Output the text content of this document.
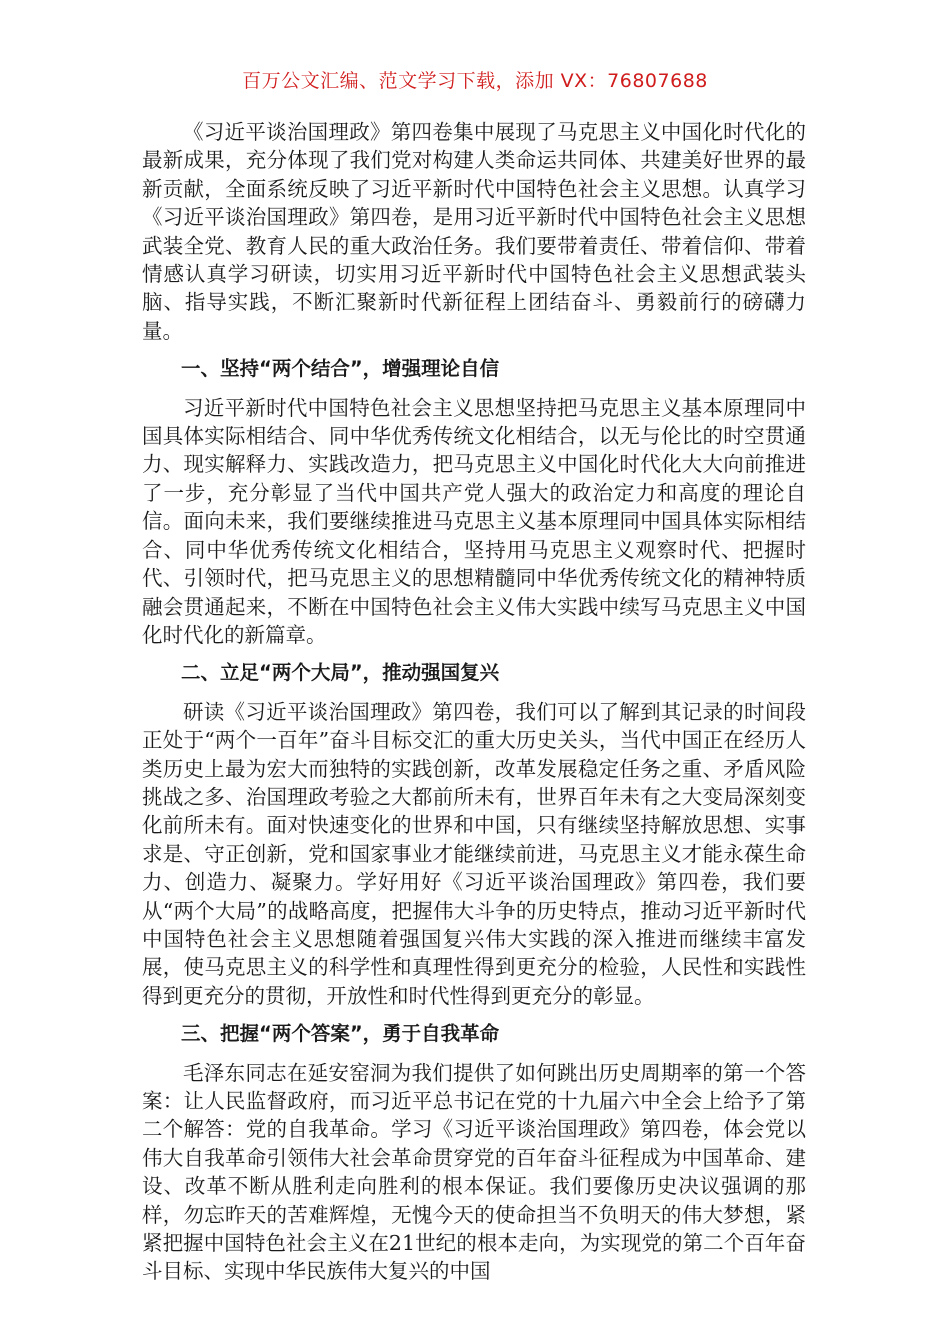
百万公文汇编、范文学习下载，添加 VX：76807688

《习近平谈治国理政》第四卷集中展现了马克思主义中国化时代化的最新成果，充分体现了我们党对构建人类命运共同体、共建美好世界的最新贡献，全面系统反映了习近平新时代中国特色社会主义思想。认真学习《习近平谈治国理政》第四卷，是用习近平新时代中国特色社会主义思想武装全党、教育人民的重大政治任务。我们要带着责任、带着信仰、带着情感认真学习研读，切实用习近平新时代中国特色社会主义思想武装头脑、指导实践，不断汇聚新时代新征程上团结奋斗、勇毅前行的磅礴力量。

一、坚持“两个结合”，增强理论自信

习近平新时代中国特色社会主义思想坚持把马克思主义基本原理同中国具体实际相结合、同中华优秀传统文化相结合，以无与伦比的时空贯通力、现实解释力、实践改造力，把马克思主义中国化时代化大大向前推进了一步，充分彰显了当代中国共产党人强大的政治定力和高度的理论自信。面向未来，我们要继续推进马克思主义基本原理同中国具体实际相结合、同中华优秀传统文化相结合，坚持用马克思主义观察时代、把握时代、引领时代，把马克思主义的思想精髓同中华优秀传统文化的精神特质融会贯通起来，不断在中国特色社会主义伟大实践中续写马克思主义中国化时代化的新篇章。

二、立足“两个大局”，推动强国复兴

研读《习近平谈治国理政》第四卷，我们可以了解到其记录的时间段正处于“两个一百年”奋斗目标交汇的重大历史关头，当代中国正在经历人类历史上最为宏大而独特的实践创新，改革发展稳定任务之重、矛盾风险挑战之多、治国理政考验之大都前所未有，世界百年未有之大变局深刻变化前所未有。面对快速变化的世界和中国，只有继续坚持解放思想、实事求是、守正创新，党和国家事业才能继续前进，马克思主义才能永葆生命力、创造力、凝聚力。学好用好《习近平谈治国理政》第四卷，我们要从“两个大局”的战略高度，把握伟大斗争的历史特点，推动习近平新时代中国特色社会主义思想随着强国复兴伟大实践的深入推进而继续丰富发展，使马克思主义的科学性和真理性得到更充分的检验，人民性和实践性得到更充分的贯彻，开放性和时代性得到更充分的彰显。

三、把握“两个答案”，勇于自我革命

毛泽东同志在延安窑洞为我们提供了如何跳出历史周期率的第一个答案：让人民监督政府，而习近平总书记在党的十九届六中全会上给予了第二个解答：党的自我革命。学习《习近平谈治国理政》第四卷，体会党以伟大自我革命引领伟大社会革命贯穿党的百年奋斗征程成为中国革命、建设、改革不断从胜利走向胜利的根本保证。我们要像历史决议强调的那样，勿忘昨天的苦难辉煌，无愧今天的使命担当不负明天的伟大梦想，紧紧把握中国特色社会主义在21世纪的根本走向，为实现党的第二个百年奋斗目标、实现中华民族伟大复兴的中国
